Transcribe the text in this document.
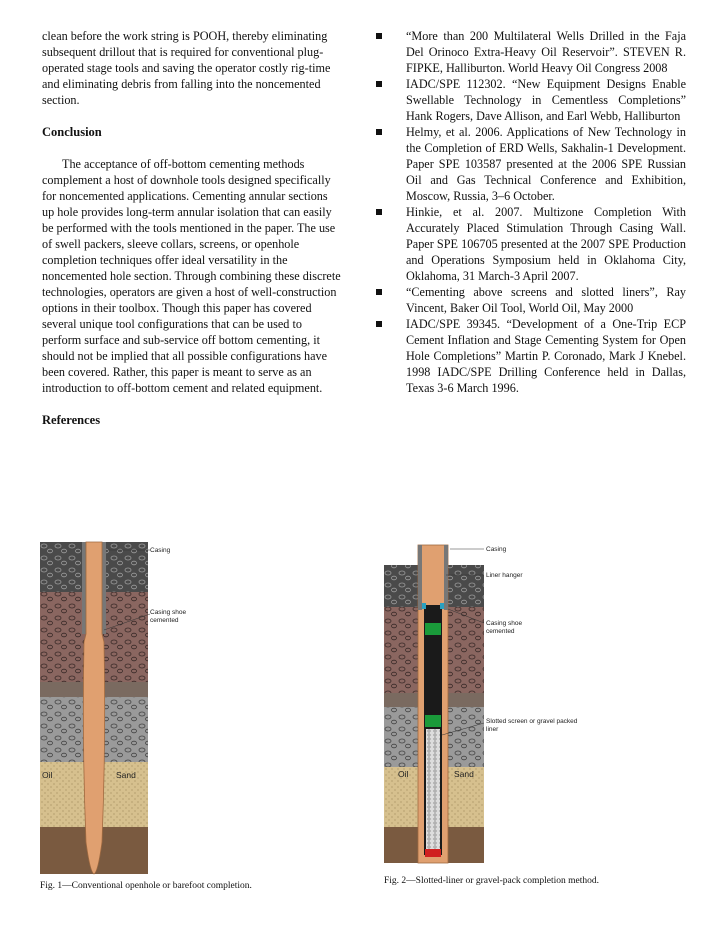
clean before the work string is POOH, thereby eliminating subsequent drillout that is required for conventional plug-operated stage tools and saving the operator costly rig-time and eliminating debris from falling into the noncemented section.

Conclusion

The acceptance of off-bottom cementing methods complement a host of downhole tools designed specifically for noncemented applications. Cementing annular sections up hole provides long-term annular isolation that can easily be performed with the tools mentioned in the paper. The use of swell packers, sleeve collars, screens, or openhole completion techniques offer ideal versatility in the noncemented hole section. Through combining these discrete technologies, operators are given a host of well-construction options in their toolbox. Though this paper has covered several unique tool configurations that can be used to perform surface and sub-service off bottom cementing, it should not be implied that all possible configurations have been covered. Rather, this paper is meant to serve as an introduction to off-bottom cement and related equipment.

References
“More than 200 Multilateral Wells Drilled in the Faja Del Orinoco Extra-Heavy Oil Reservoir”. STEVEN R. FIPKE, Halliburton. World Heavy Oil Congress 2008
IADC/SPE 112302. “New Equipment Designs Enable Swellable Technology in Cementless Completions” Hank Rogers, Dave Allison, and Earl Webb, Halliburton
Helmy, et al. 2006. Applications of New Technology in the Completion of ERD Wells, Sakhalin-1 Development. Paper SPE 103587 presented at the 2006 SPE Russian Oil and Gas Technical Conference and Exhibition, Moscow, Russia, 3–6 October.
Hinkie, et al. 2007. Multizone Completion With Accurately Placed Stimulation Through Casing Wall. Paper SPE 106705 presented at the 2007 SPE Production and Operations Symposium held in Oklahoma City, Oklahoma, 31 March-3 April 2007.
“Cementing above screens and slotted liners”, Ray Vincent, Baker Oil Tool, World Oil, May 2000
IADC/SPE 39345. “Development of a One-Trip ECP Cement Inflation and Stage Cementing System for Open Hole Completions” Martin P. Coronado, Mark J Knebel. 1998 IADC/SPE Drilling Conference held in Dallas, Texas 3-6 March 1996.
Casing
Casing shoe
cemented
Oil	Sand
Fig. 1—Conventional openhole or barefoot completion.
Casing
Liner hanger
Casing shoe
cemented
Slotted screen or gravel packed
liner
Oil	Sand
Fig. 2—Slotted-liner or gravel-pack completion method.
